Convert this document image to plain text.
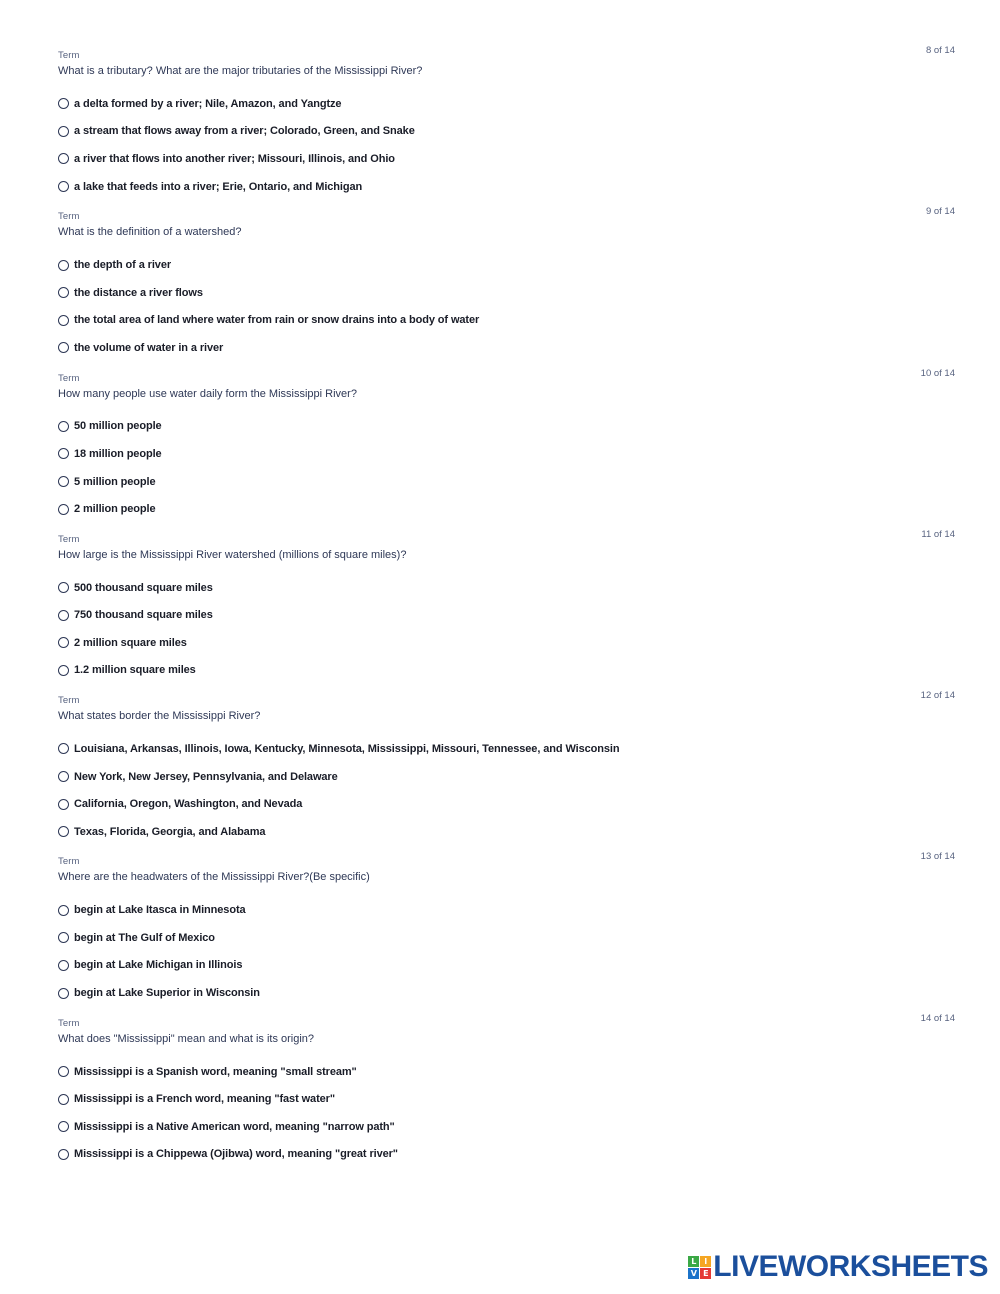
Term	8 of 14
What is a tributary? What are the major tributaries of the Mississippi River?
a delta formed by a river; Nile, Amazon, and Yangtze
a stream that flows away from a river; Colorado, Green, and Snake
a river that flows into another river; Missouri, Illinois, and Ohio
a lake that feeds into a river; Erie, Ontario, and Michigan
Term	9 of 14
What is the definition of a watershed?
the depth of a river
the distance a river flows
the total area of land where water from rain or snow drains into a body of water
the volume of water in a river
Term	10 of 14
How many people use water daily form the Mississippi River?
50 million people
18 million people
5 million people
2 million people
Term	11 of 14
How large is the Mississippi River watershed (millions of square miles)?
500 thousand square miles
750 thousand square miles
2 million square miles
1.2 million square miles
Term	12 of 14
What states border the Mississippi River?
Louisiana, Arkansas, Illinois, Iowa, Kentucky, Minnesota, Mississippi, Missouri, Tennessee, and Wisconsin
New York, New Jersey, Pennsylvania, and Delaware
California, Oregon, Washington, and Nevada
Texas, Florida, Georgia, and Alabama
Term	13 of 14
Where are the headwaters of the Mississippi River?(Be specific)
begin at Lake Itasca in Minnesota
begin at The Gulf of Mexico
begin at Lake Michigan in Illinois
begin at Lake Superior in Wisconsin
Term	14 of 14
What does "Mississippi" mean and what is its origin?
Mississippi is a Spanish word, meaning "small stream"
Mississippi is a French word, meaning "fast water"
Mississippi is a Native American word, meaning "narrow path"
Mississippi is a Chippewa (Ojibwa) word, meaning "great river"
L I
V E LIVEWORKSHEETS
